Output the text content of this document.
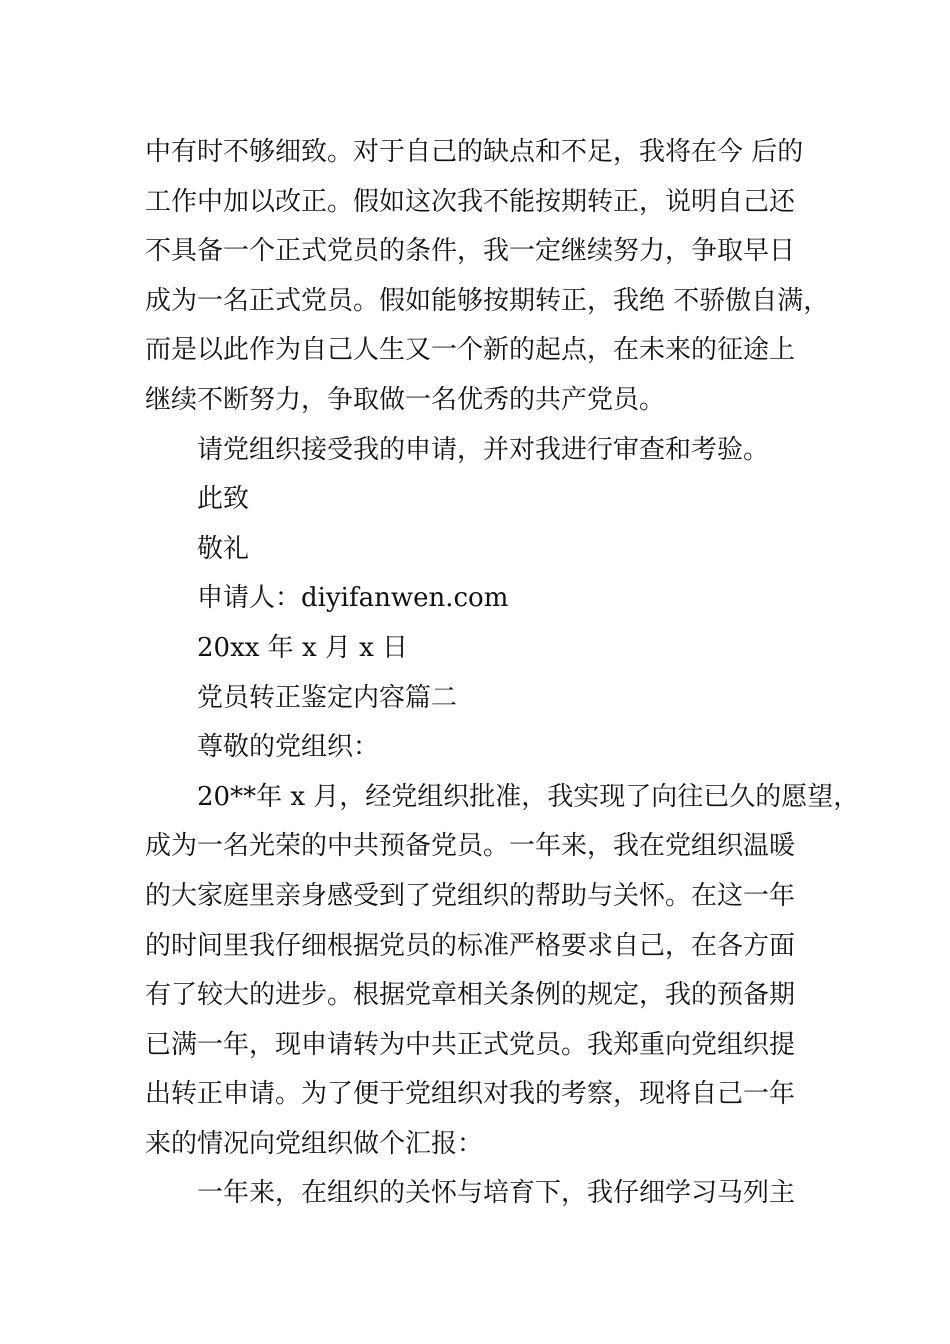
中有时不够细致。对于自己的缺点和不足，我将在今 后的

工作中加以改正。假如这次我不能按期转正，说明自己还

不具备一个正式党员的条件，我一定继续努力，争取早日

成为一名正式党员。假如能够按期转正，我绝 不骄傲自满，

而是以此作为自己人生又一个新的起点，在未来的征途上

继续不断努力，争取做一名优秀的共产党员。

请党组织接受我的申请，并对我进行审查和考验。

此致

敬礼

申请人：diyifanwen.com

20xx 年 x 月 x 日

党员转正鉴定内容篇二

尊敬的党组织：

20**年 x 月，经党组织批准，我实现了向往已久的愿望，

成为一名光荣的中共预备党员。一年来，我在党组织温暖

的大家庭里亲身感受到了党组织的帮助与关怀。在这一年

的时间里我仔细根据党员的标准严格要求自己，在各方面

有了较大的进步。根据党章相关条例的规定，我的预备期

已满一年，现申请转为中共正式党员。我郑重向党组织提

出转正申请。为了便于党组织对我的考察，现将自己一年

来的情况向党组织做个汇报：

一年来，在组织的关怀与培育下，我仔细学习马列主
